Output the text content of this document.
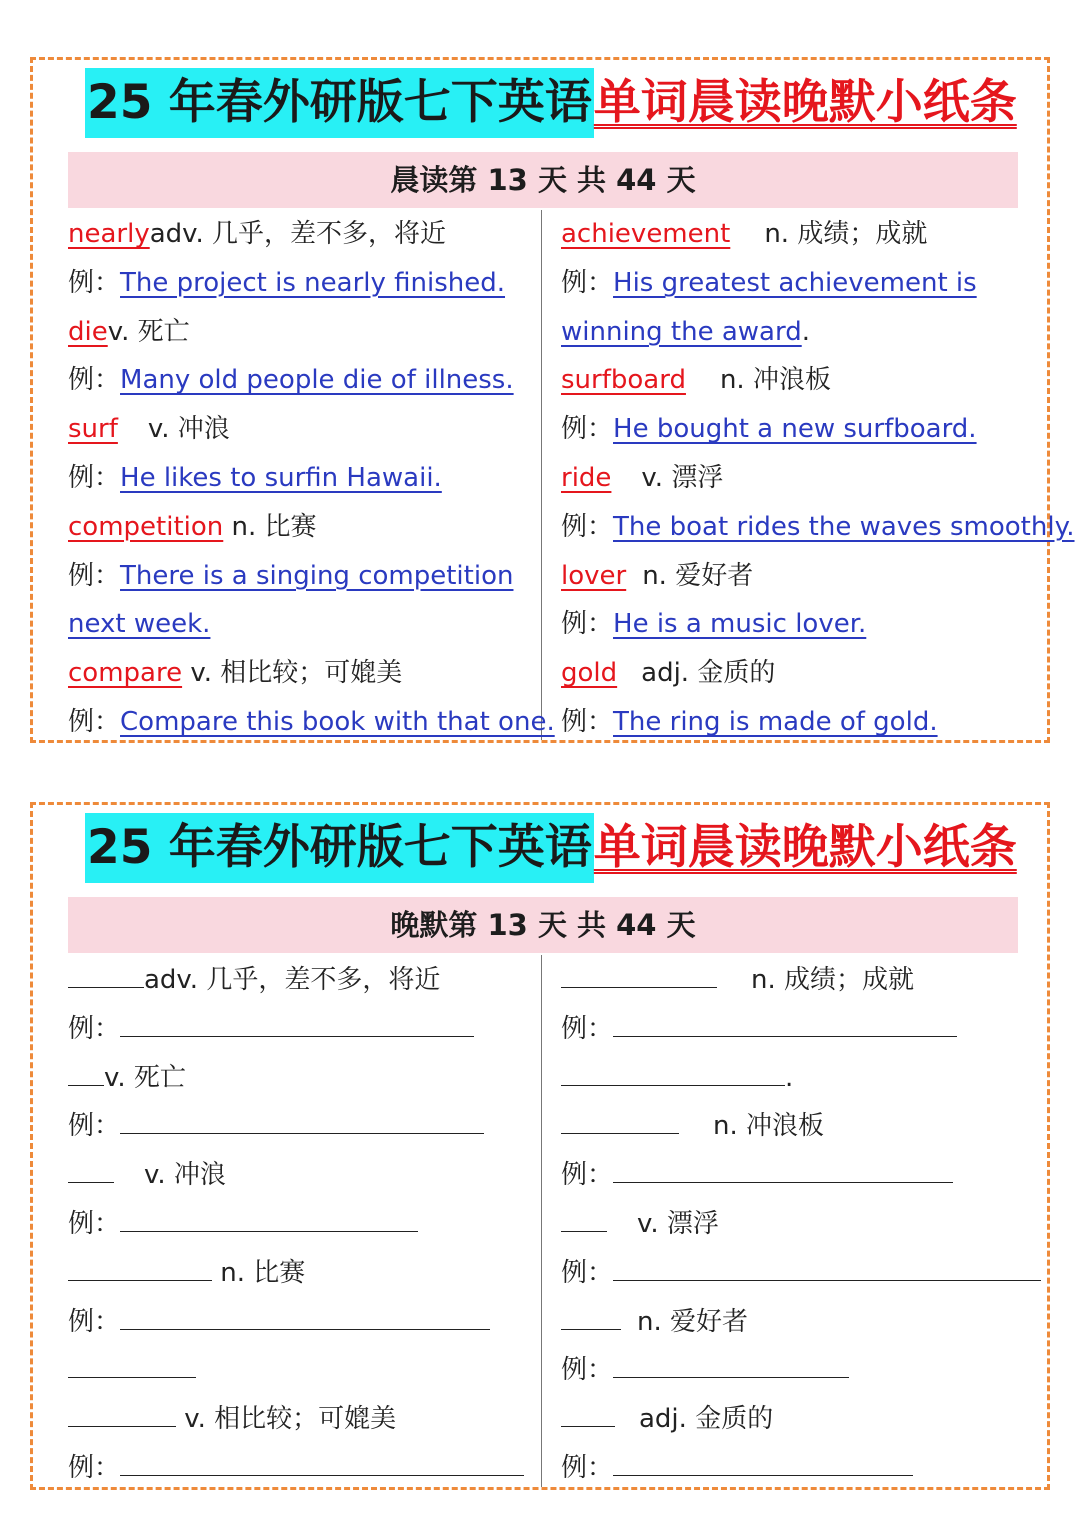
25 年春外研版七下英语 单词晨读晚默小纸条
晨读第 13 天 共 44 天
nearlyadv. 几乎，差不多，将近
例：The project is nearly finished.
diev. 死亡
例：Many old people die of illness.
surf v. 冲浪
例：He likes to surfin Hawaii.
competition n. 比赛
例：There is a singing competition
next week.
compare v. 相比较；可媲美
例：Compare this book with that one.
achievement n. 成绩；成就
例：His greatest achievement is
winning the award.
surfboard n. 冲浪板
例：He bought a new surfboard.
ride v. 漂浮
例：The boat rides the waves smoothly.
lover n. 爱好者
例：He is a music lover.
gold adj. 金质的
例：The ring is made of gold.
25 年春外研版七下英语 单词晨读晚默小纸条
晚默第 13 天 共 44 天
adv. 几乎，差不多，将近
例：
v. 死亡
例：
v. 冲浪
例：
n. 比赛
例：
v. 相比较；可媲美
例：
n. 成绩；成就
例：
.
n. 冲浪板
例：
v. 漂浮
例：
n. 爱好者
例：
adj. 金质的
例：
